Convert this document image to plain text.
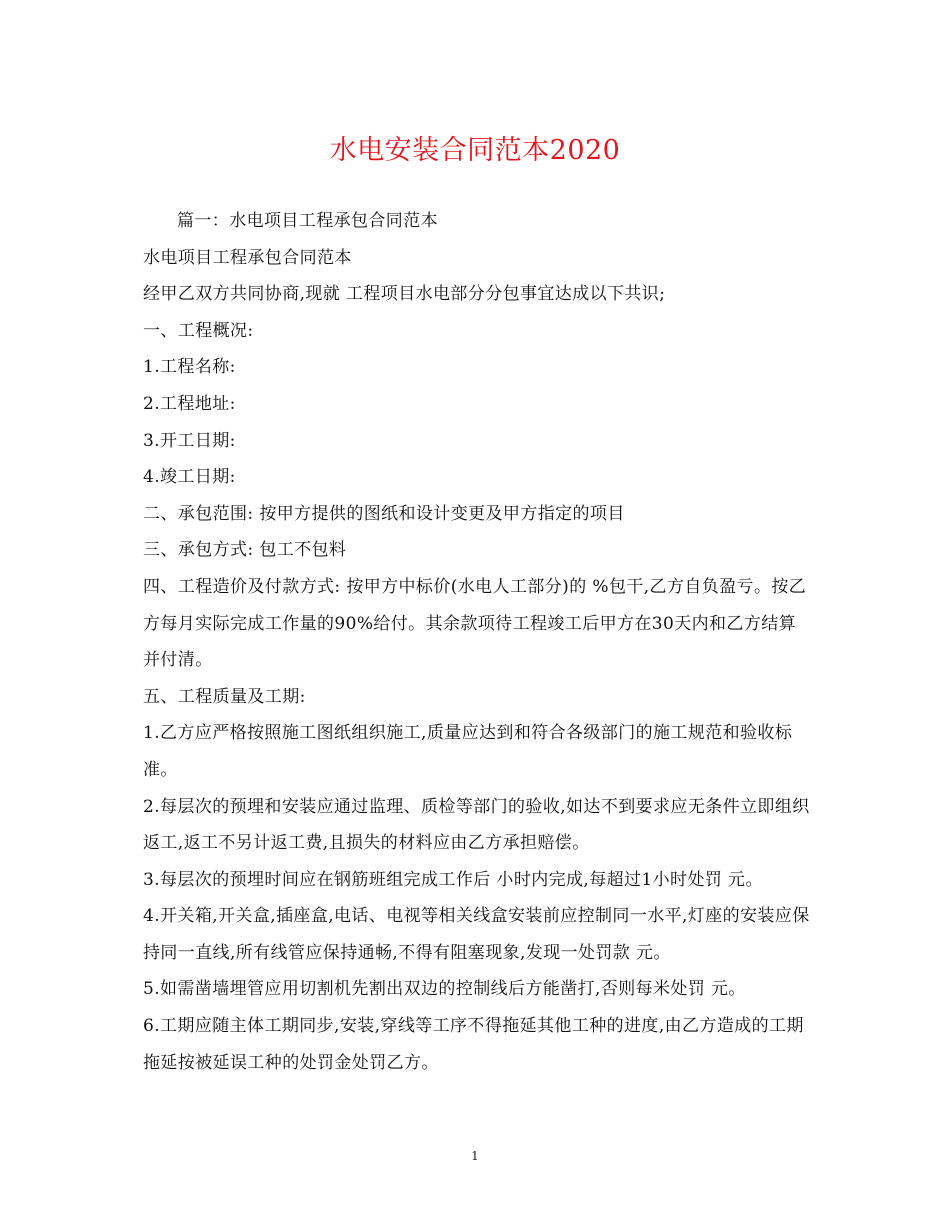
水电安装合同范本2020

篇一：水电项目工程承包合同范本

水电项目工程承包合同范本

经甲乙双方共同协商,现就 工程项目水电部分分包事宜达成以下共识;

一、工程概况:

1.工程名称:

2.工程地址:

3.开工日期:

4.竣工日期:

二、承包范围: 按甲方提供的图纸和设计变更及甲方指定的项目

三、承包方式: 包工不包料

四、工程造价及付款方式: 按甲方中标价(水电人工部分)的 %包干,乙方自负盈亏。按乙方每月实际完成工作量的90%给付。其余款项待工程竣工后甲方在30天内和乙方结算并付清。

五、工程质量及工期:

1.乙方应严格按照施工图纸组织施工,质量应达到和符合各级部门的施工规范和验收标准。

2.每层次的预埋和安装应通过监理、质检等部门的验收,如达不到要求应无条件立即组织返工,返工不另计返工费,且损失的材料应由乙方承担赔偿。

3.每层次的预埋时间应在钢筋班组完成工作后 小时内完成,每超过1小时处罚 元。

4.开关箱,开关盒,插座盒,电话、电视等相关线盒安装前应控制同一水平,灯座的安装应保持同一直线,所有线管应保持通畅,不得有阻塞现象,发现一处罚款 元。

5.如需凿墙埋管应用切割机先割出双边的控制线后方能凿打,否则每米处罚 元。

6.工期应随主体工期同步,安装,穿线等工序不得拖延其他工种的进度,由乙方造成的工期拖延按被延误工种的处罚金处罚乙方。

1
